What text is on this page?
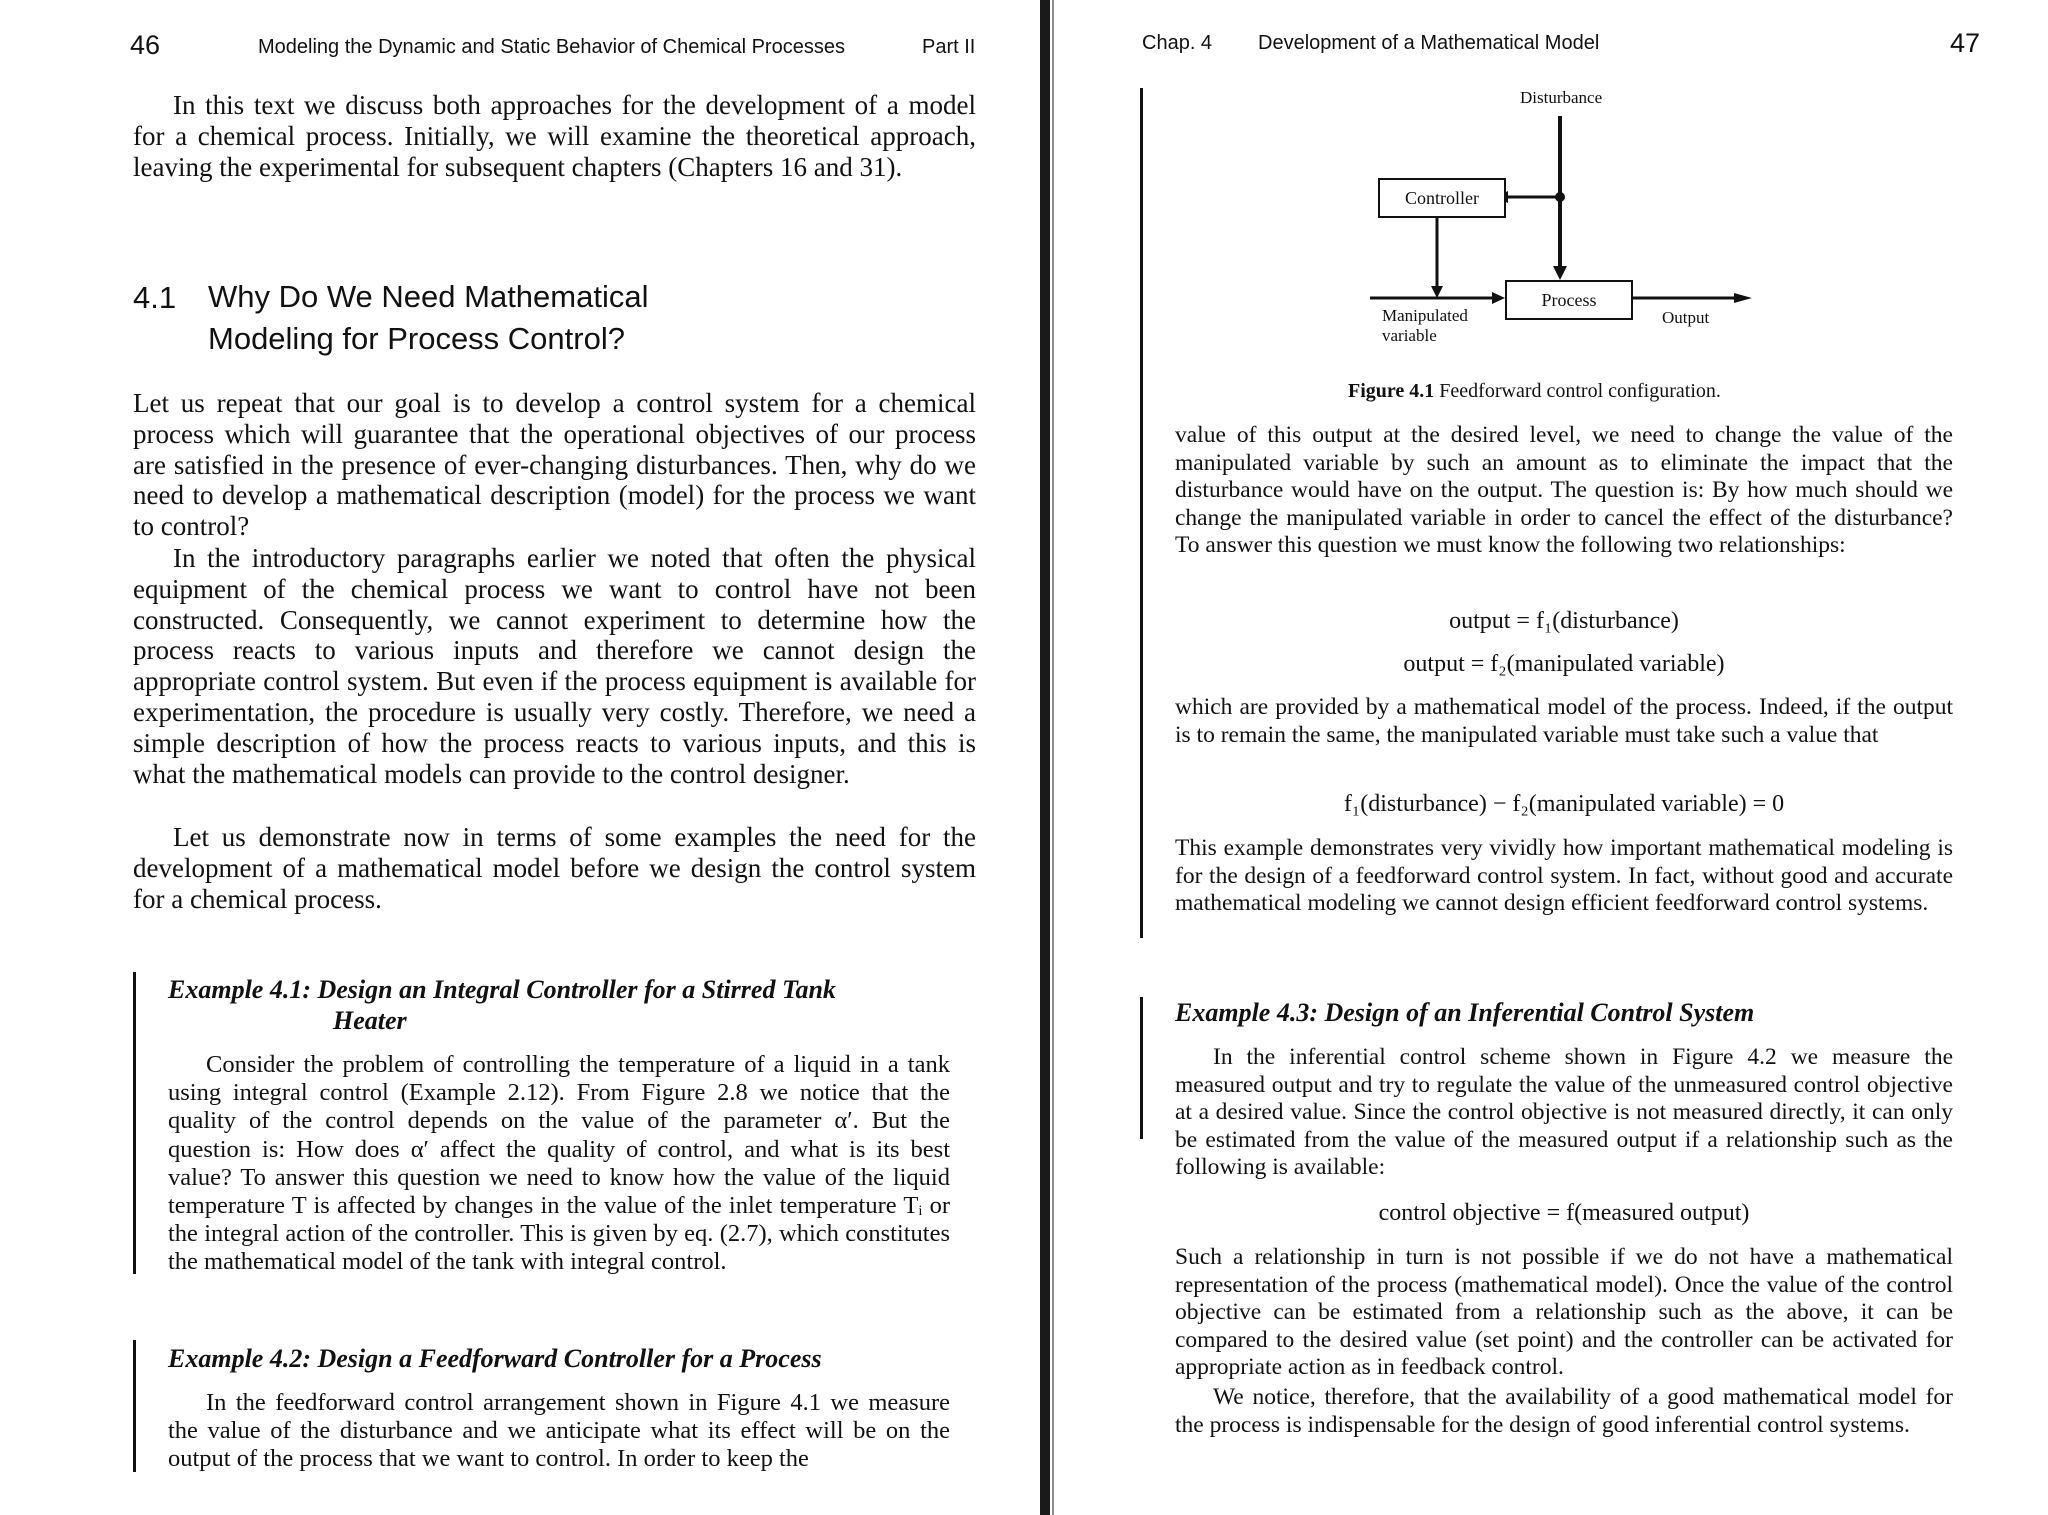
46	Modeling the Dynamic and Static Behavior of Chemical Processes	Part II

In this text we discuss both approaches for the development of a model for a chemical process. Initially, we will examine the theoretical approach, leaving the experimental for subsequent chapters (Chapters 16 and 31).

4.1 Why Do We Need Mathematical
Modeling for Process Control?

Let us repeat that our goal is to develop a control system for a chemical process which will guarantee that the operational objectives of our process are satisfied in the presence of ever-changing disturbances. Then, why do we need to develop a mathematical description (model) for the process we want to control?

In the introductory paragraphs earlier we noted that often the physical equipment of the chemical process we want to control have not been constructed. Consequently, we cannot experiment to determine how the process reacts to various inputs and therefore we cannot design the appropriate control system. But even if the process equipment is available for experimentation, the procedure is usually very costly. Therefore, we need a simple description of how the process reacts to various inputs, and this is what the mathematical models can provide to the control designer.

Let us demonstrate now in terms of some examples the need for the development of a mathematical model before we design the control system for a chemical process.

Example 4.1: Design an Integral Controller for a Stirred Tank
Heater

Consider the problem of controlling the temperature of a liquid in a tank using integral control (Example 2.12). From Figure 2.8 we notice that the quality of the control depends on the value of the parameter α′. But the question is: How does α′ affect the quality of control, and what is its best value? To answer this question we need to know how the value of the liquid temperature T is affected by changes in the value of the inlet temperature Tᵢ or the integral action of the controller. This is given by eq. (2.7), which constitutes the mathematical model of the tank with integral control.

Example 4.2: Design a Feedforward Controller for a Process

In the feedforward control arrangement shown in Figure 4.1 we measure the value of the disturbance and we anticipate what its effect will be on the output of the process that we want to control. In order to keep the

Chap. 4 Development of a Mathematical Model	47
Disturbance
Controller
Process
Manipulated
variable
Output
Figure 4.1 Feedforward control configuration.

value of this output at the desired level, we need to change the value of the manipulated variable by such an amount as to eliminate the impact that the disturbance would have on the output. The question is: By how much should we change the manipulated variable in order to cancel the effect of the disturbance? To answer this question we must know the following two relationships:

output = f₁(disturbance)
output = f₂(manipulated variable)

which are provided by a mathematical model of the process. Indeed, if the output is to remain the same, the manipulated variable must take such a value that

f₁(disturbance) − f₂(manipulated variable) = 0

This example demonstrates very vividly how important mathematical modeling is for the design of a feedforward control system. In fact, without good and accurate mathematical modeling we cannot design efficient feedforward control systems.

Example 4.3: Design of an Inferential Control System

In the inferential control scheme shown in Figure 4.2 we measure the measured output and try to regulate the value of the unmeasured control objective at a desired value. Since the control objective is not measured directly, it can only be estimated from the value of the measured output if a relationship such as the following is available:

control objective = f(measured output)

Such a relationship in turn is not possible if we do not have a mathematical representation of the process (mathematical model). Once the value of the control objective can be estimated from a relationship such as the above, it can be compared to the desired value (set point) and the controller can be activated for appropriate action as in feedback control.

We notice, therefore, that the availability of a good mathematical model for the process is indispensable for the design of good inferential control systems.
